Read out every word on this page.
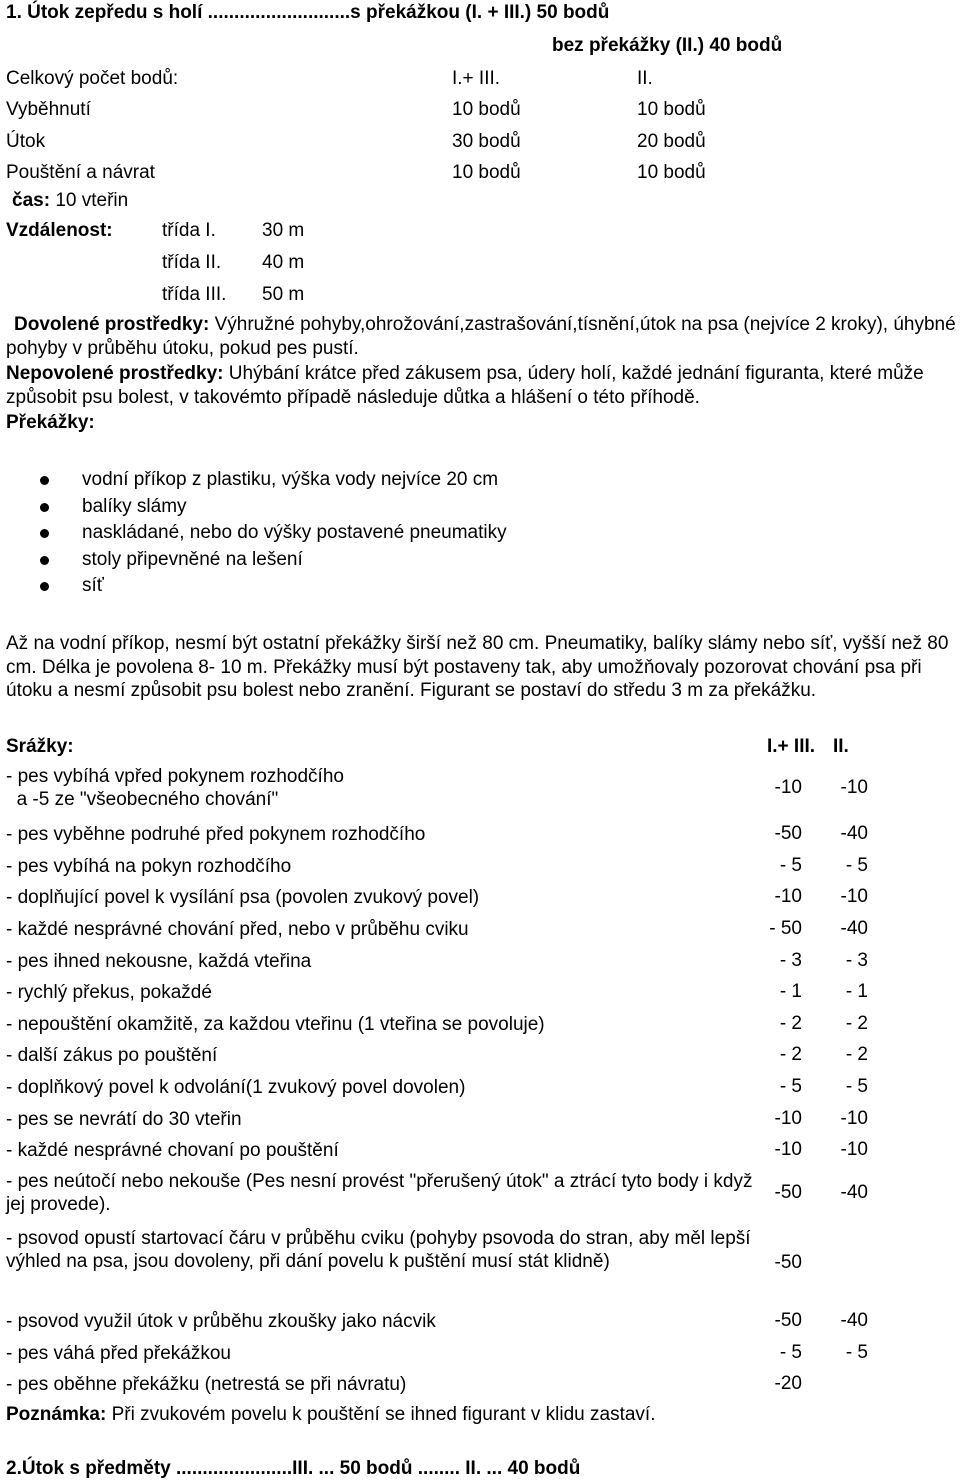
1. Útok zepředu s holí ...........................s překážkou (I. + III.) 50 bodů
bez překážky (II.) 40 bodů
Celkový počet bodů:	I.+ III.	II.
Vyběhnutí	10 bodů	10 bodů
Útok	30 bodů	20 bodů
Pouštění a návrat	10 bodů	10 bodů
čas: 10 vteřin
Vzdálenost:	třída I. 30 m
třída II. 40 m
třída III. 50 m
Dovolené prostředky: Výhružné pohyby,ohrožování,zastrašování,tísnění,útok na psa (nejvíce 2 kroky), úhybné pohyby v průběhu útoku, pokud pes pustí.
Nepovolené prostředky: Uhýbání krátce před zákusem psa, údery holí, každé jednání figuranta, které může způsobit psu bolest, v takovémto případě následuje důtka a hlášení o této příhodě.
Překážky:
vodní příkop z plastiku, výška vody nejvíce 20 cm
balíky slámy
naskládané, nebo do výšky postavené pneumatiky
stoly připevněné na lešení
síť
Až na vodní příkop, nesmí být ostatní překážky širší než 80 cm. Pneumatiky, balíky slámy nebo síť, vyšší než 80 cm. Délka je povolena 8- 10 m. Překážky musí být postaveny tak, aby umožňovaly pozorovat chování psa při útoku a nesmí způsobit psu bolest nebo zranění. Figurant se postaví do středu 3 m za překážku.
Srážky:	I.+ III. II.
- pes vybíhá vpřed pokynem rozhodčího
a -5 ze "všeobecného chování"
-10	-10
- pes vyběhne podruhé před pokynem rozhodčího	-50	-40
- pes vybíhá na pokyn rozhodčího	- 5	- 5
- doplňující povel k vysílání psa (povolen zvukový povel)	-10	-10
- každé nesprávné chování před, nebo v průběhu cviku	- 50	-40
- pes ihned nekousne, každá vteřina	- 3	- 3
- rychlý překus, pokaždé	- 1	- 1
- nepouštění okamžitě, za každou vteřinu (1 vteřina se povoluje)	- 2	- 2
- další zákus po pouštění	- 2	- 2
- doplňkový povel k odvolání(1 zvukový povel dovolen)	- 5	- 5
- pes se nevrátí do 30 vteřin	-10	-10
- každé nesprávné chovaní po pouštění	-10	-10
- pes neútočí nebo nekouše (Pes nesní provést "přerušený útok" a ztrácí tyto body i když jej provede).
-50	-40
- psovod opustí startovací čáru v průběhu cviku (pohyby psovoda do stran, aby měl lepší výhled na psa, jsou dovoleny, při dání povelu k puštění musí stát klidně)	-50
- psovod využil útok v průběhu zkoušky jako nácvik	-50	-40
- pes váhá před překážkou	- 5	- 5
- pes oběhne překážku (netrestá se při návratu)	-20
Poznámka: Při zvukovém povelu k pouštění se ihned figurant v klidu zastaví.
2.Útok s předměty ......................III. ... 50 bodů ........ II. ... 40 bodů
